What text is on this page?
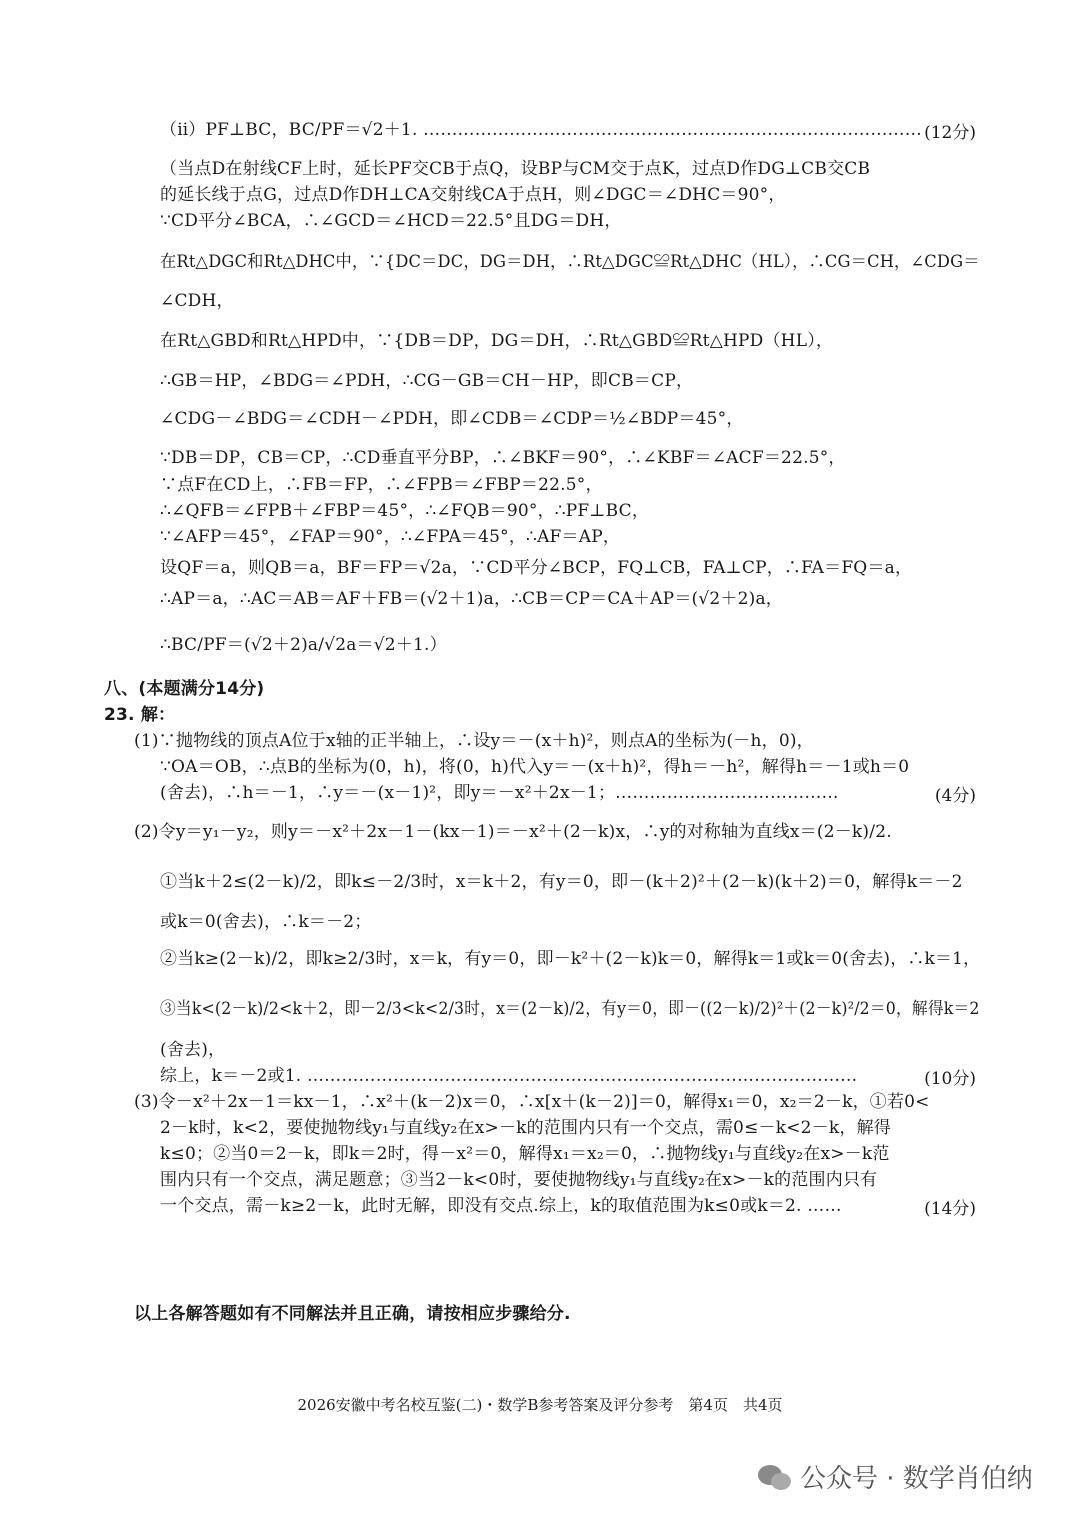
（ⅱ）PF⊥BC，BC/PF＝√2＋1. ……………………………………………………………………………
（当点D在射线CF上时，延长PF交CB于点Q，设BP与CM交于点K，过点D作DG⊥CB交CB
的延长线于点G，过点D作DH⊥CA交射线CA于点H，则∠DGC＝∠DHC＝90°，
∵CD平分∠BCA，∴∠GCD＝∠HCD＝22.5°且DG＝DH，
在Rt△DGC和Rt△DHC中，∵{DC＝DC，DG＝DH，∴Rt△DGC≌Rt△DHC（HL），∴CG＝CH，∠CDG＝
∠CDH，
在Rt△GBD和Rt△HPD中，∵{DB＝DP，DG＝DH，∴Rt△GBD≌Rt△HPD（HL），
∴GB＝HP，∠BDG＝∠PDH，∴CG－GB＝CH－HP，即CB＝CP，
∠CDG－∠BDG＝∠CDH－∠PDH，即∠CDB＝∠CDP＝½∠BDP＝45°，
∵DB＝DP，CB＝CP，∴CD垂直平分BP，∴∠BKF＝90°，∴∠KBF＝∠ACF＝22.5°，
∵点F在CD上，∴FB＝FP，∴∠FPB＝∠FBP＝22.5°，
∴∠QFB＝∠FPB＋∠FBP＝45°，∴∠FQB＝90°，∴PF⊥BC，
∵∠AFP＝45°，∠FAP＝90°，∴∠FPA＝45°，∴AF＝AP，
设QF＝a，则QB＝a，BF＝FP＝√2a，∵CD平分∠BCP，FQ⊥CB，FA⊥CP，∴FA＝FQ＝a，
∴AP＝a，∴AC＝AB＝AF＋FB＝(√2＋1)a，∴CB＝CP＝CA＋AP＝(√2＋2)a，
∴BC/PF＝(√2＋2)a/√2a＝√2＋1.）
八、(本题满分14分)
23. 解：
(1)∵抛物线的顶点A位于x轴的正半轴上，∴设y＝－(x＋h)²，则点A的坐标为(－h，0)，
∵OA＝OB，∴点B的坐标为(0，h)，将(0，h)代入y＝－(x＋h)²，得h＝－h²，解得h＝－1或h＝0
(舍去)，∴h＝－1，∴y＝－(x－1)²，即y＝－x²＋2x－1；…………………………………
(2)令y＝y₁－y₂，则y＝－x²＋2x－1－(kx－1)＝－x²＋(2－k)x，∴y的对称轴为直线x＝(2－k)/2.
①当k＋2≤(2－k)/2，即k≤－2/3时，x＝k＋2，有y＝0，即－(k＋2)²＋(2－k)(k＋2)＝0，解得k＝－2
或k＝0(舍去)，∴k＝－2；
②当k≥(2－k)/2，即k≥2/3时，x＝k，有y＝0，即－k²＋(2－k)k＝0，解得k＝1或k＝0(舍去)，∴k＝1，
③当k<(2－k)/2<k＋2，即－2/3<k<2/3时，x＝(2－k)/2，有y＝0，即－((2－k)/2)²＋(2－k)²/2＝0，解得k＝2
(舍去)，
综上，k＝－2或1. ……………………………………………………………………………………
(3)令－x²＋2x－1＝kx－1，∴x²＋(k－2)x＝0，∴x[x＋(k－2)]＝0，解得x₁＝0，x₂＝2－k，①若0<
2－k时，k<2，要使抛物线y₁与直线y₂在x>－k的范围内只有一个交点，需0≤－k<2－k，解得
k≤0；②当0＝2－k，即k＝2时，得－x²＝0，解得x₁＝x₂＝0，∴抛物线y₁与直线y₂在x>－k范
围内只有一个交点，满足题意；③当2－k<0时，要使抛物线y₁与直线y₂在x>－k的范围内只有
一个交点，需－k≥2－k，此时无解，即没有交点.综上，k的取值范围为k≤0或k＝2. ……
以上各解答题如有不同解法并且正确，请按相应步骤给分.
(12分)
(4分)
(10分)
(14分)
2026安徽中考名校互鉴(二)・数学B参考答案及评分参考　第4页　共4页
公众号 · 数学肖伯纳
